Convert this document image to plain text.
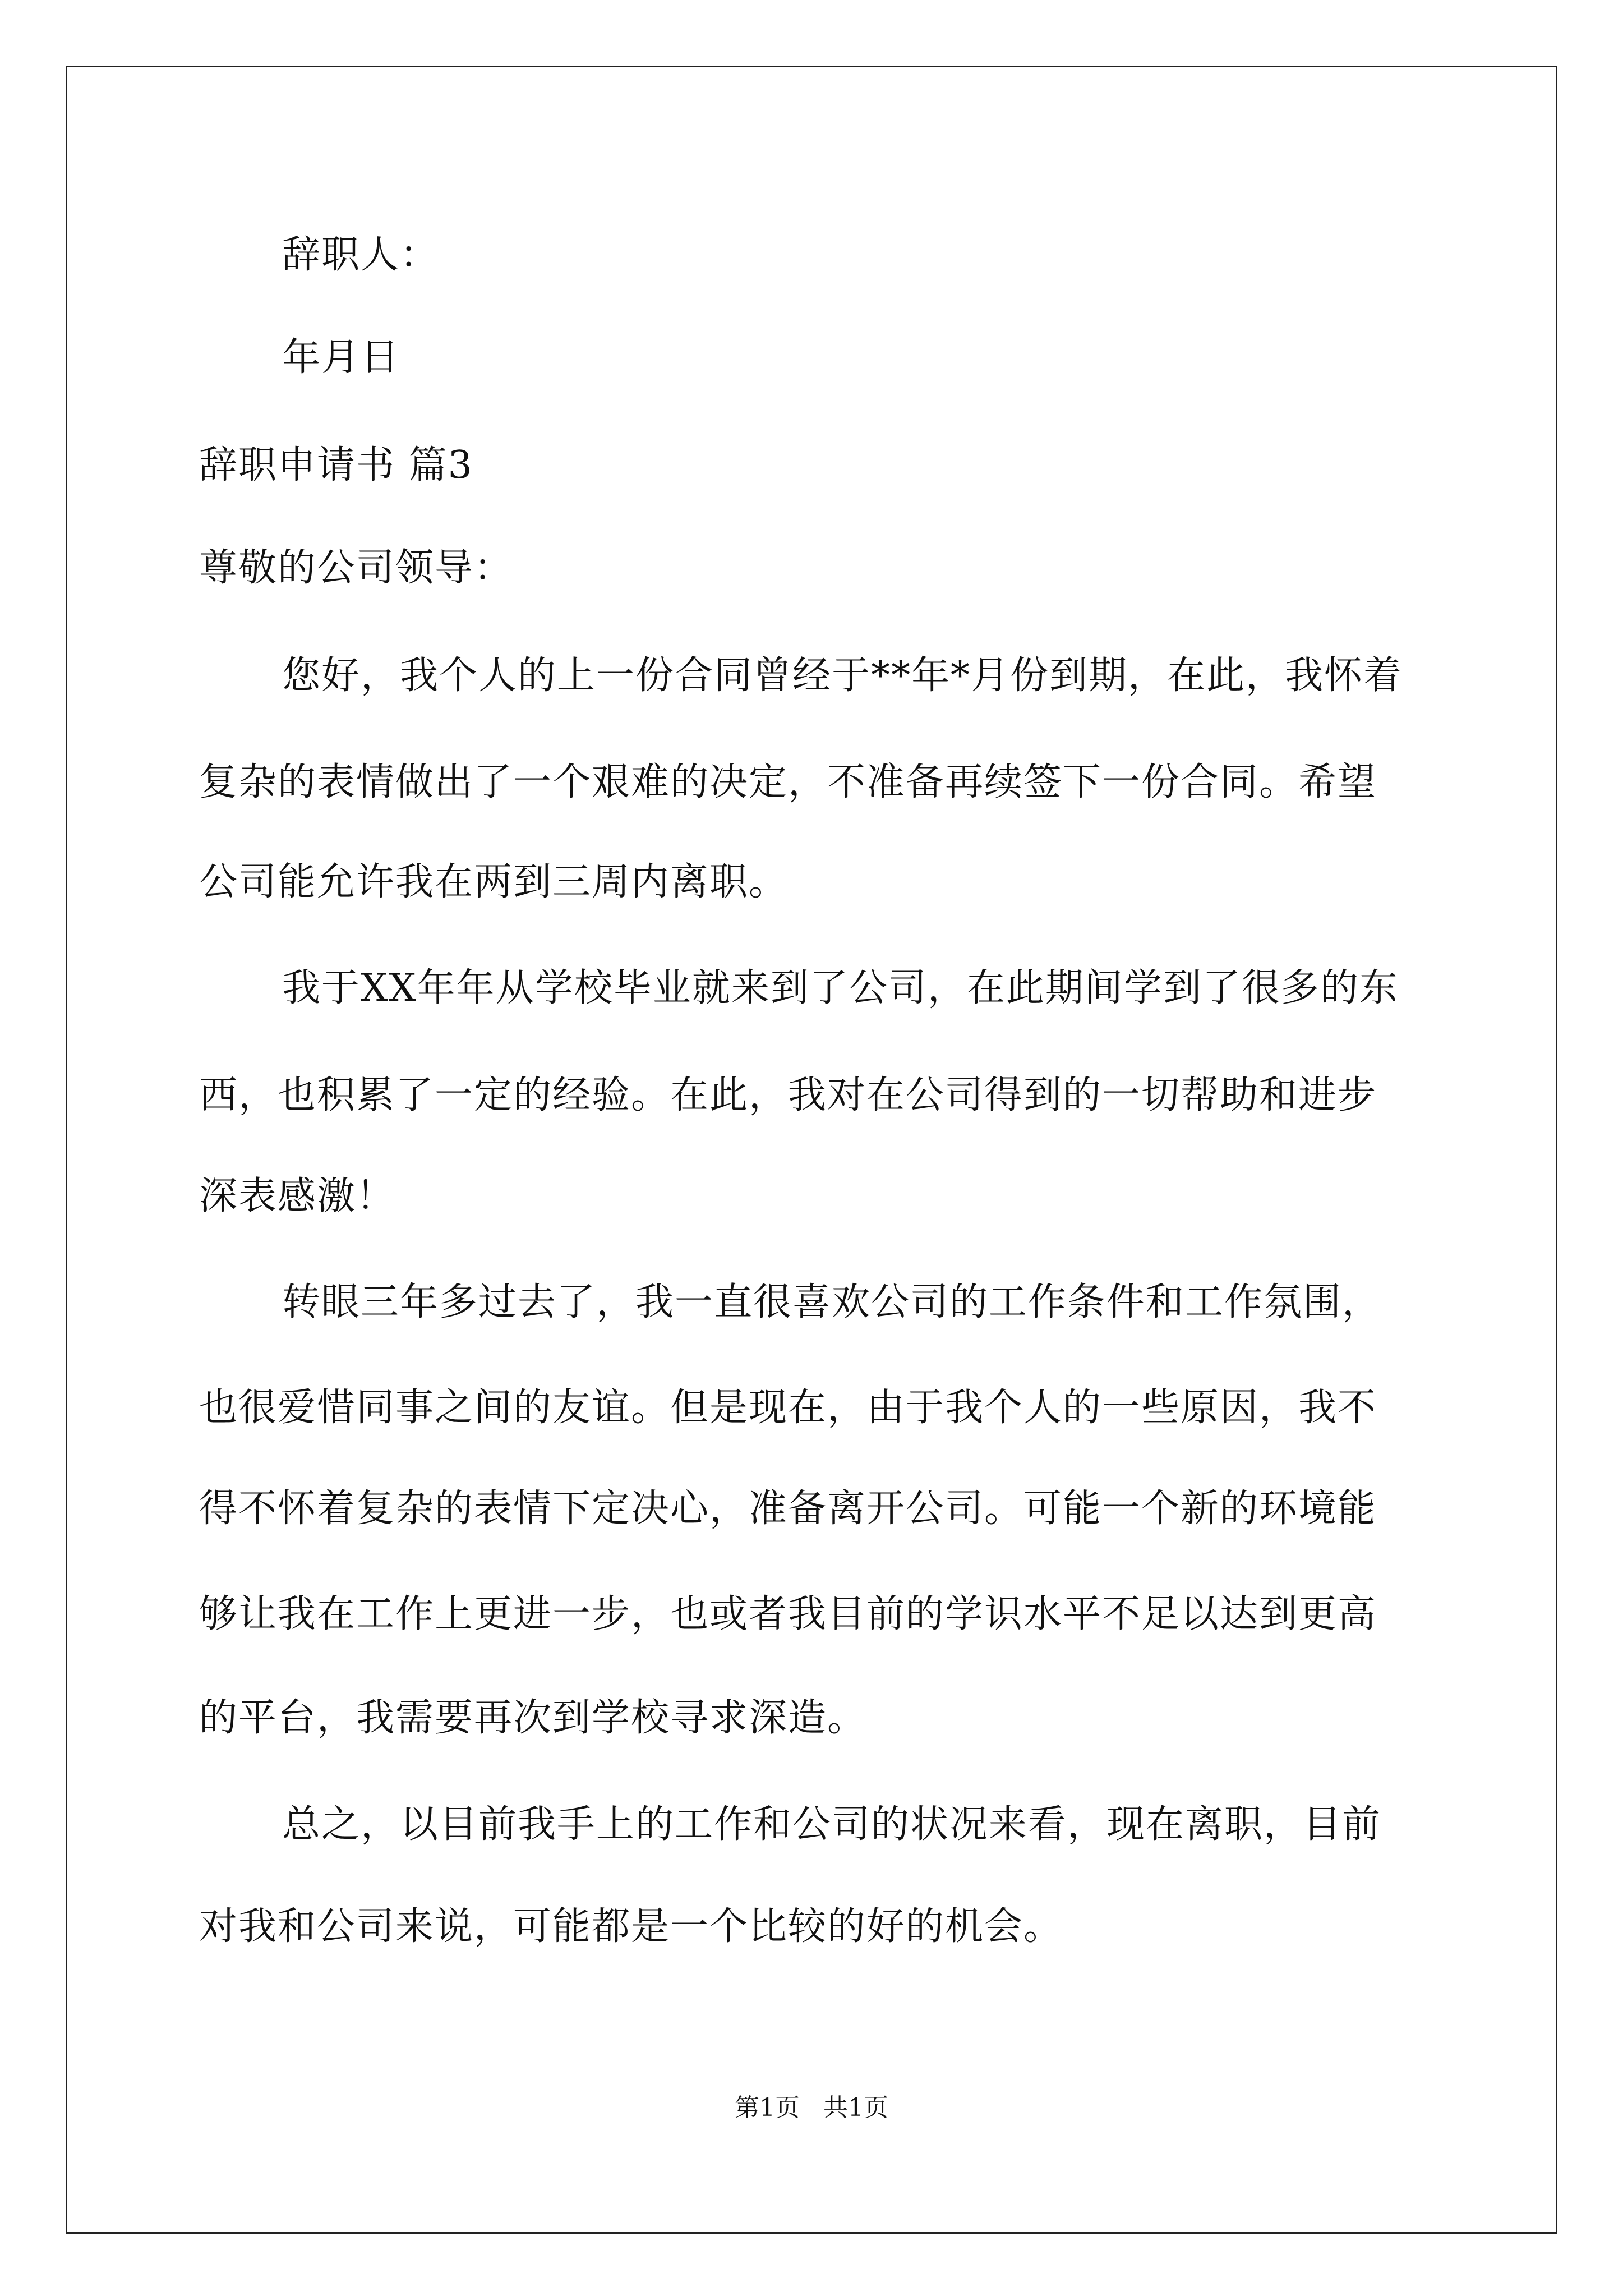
辞职人：
年月日
辞职申请书 篇3
尊敬的公司领导：
您好，我个人的上一份合同曾经于**年*月份到期，在此，我怀着
复杂的表情做出了一个艰难的决定，不准备再续签下一份合同。希望
公司能允许我在两到三周内离职。
我于XX年年从学校毕业就来到了公司，在此期间学到了很多的东
西，也积累了一定的经验。在此，我对在公司得到的一切帮助和进步
深表感激！
转眼三年多过去了，我一直很喜欢公司的工作条件和工作氛围，
也很爱惜同事之间的友谊。但是现在，由于我个人的一些原因，我不
得不怀着复杂的表情下定决心，准备离开公司。可能一个新的环境能
够让我在工作上更进一步，也或者我目前的学识水平不足以达到更高
的平台，我需要再次到学校寻求深造。
总之，以目前我手上的工作和公司的状况来看，现在离职，目前
对我和公司来说，可能都是一个比较的好的机会。
第1页   共1页
